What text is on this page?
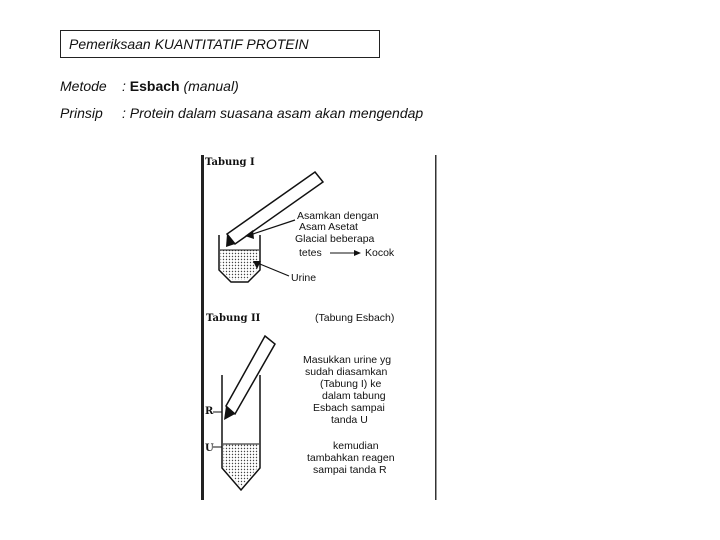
Pemeriksaan KUANTITATIF PROTEIN
Metode : Esbach (manual)
Prinsip : Protein dalam suasana asam akan mengendap
Tabung I
Asamkan dengan
Asam Asetat
Glacial beberapa
tetes	Kocok
Urine
Tabung II	(Tabung Esbach)
R
U
Masukkan urine yg
sudah diasamkan
(Tabung I) ke
dalam tabung
Esbach sampai
tanda U
kemudian
tambahkan reagen
sampai tanda R
